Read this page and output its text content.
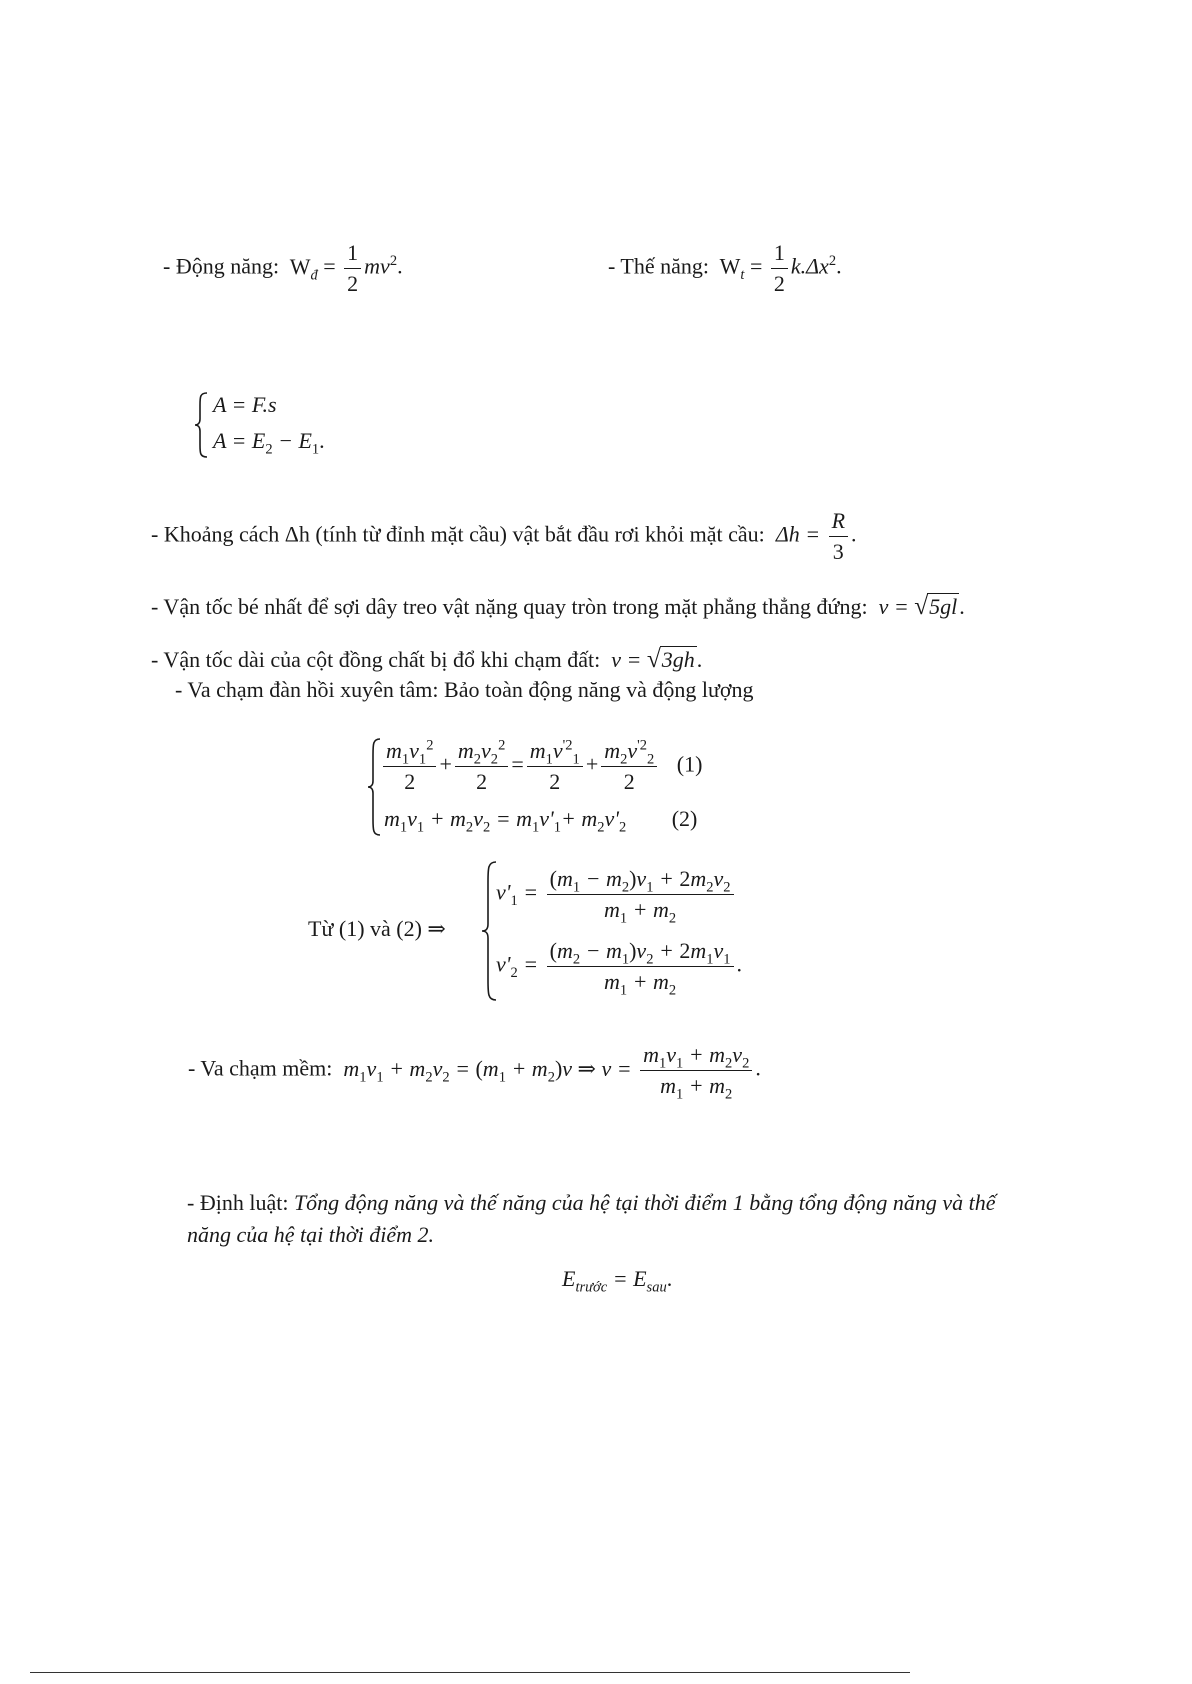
- Động năng: $W_đ = \frac{1}{2} mv^2$.	- Thế năng: $W_t = \frac{1}{2} k.\Delta x^2$.
A = F.s
$A = E_2 - E_1$.
- Khoảng cách Δh (tính từ đỉnh mặt cầu) vật bắt đầu rơi khỏi mặt cầu: $\Delta h = \frac{R}{3}$ .
- Vận tốc bé nhất để sợi dây treo vật nặng quay tròn trong mặt phẳng thẳng đứng: v = √5gl.
- Vận tốc dài của cột đồng chất bị đổ khi chạm đất: v = √3gh.
- Va chạm đàn hồi xuyên tâm: Bảo toàn động năng và động lượng
$\frac{m_1v_1^2}{2} + \frac{m_2v_2^2}{2} = \frac{m_1v^{'2}_1}{2} + \frac{m_2v^{'2}_2}{2} (1)$
$m_1v_1 + m_2v_2 = m_1v'_1+ m_2v'_2$ (2)
Từ (1) và (2) ⇒
$v'_1 = \frac{(m_1 - m_2)v_1 + 2m_2v_2}{m_1 + m_2}$
$v'_2 = \frac{(m_2 - m_1)v_2 + 2m_1v_1}{m_1 + m_2}$ .
- Va chạm mềm: $m_1v_1 + m_2v_2 = (m_1 + m_2)v$ ⇒ $v = \frac{m_1v_1 + m_2v_2}{m_1 + m_2}$ .
- Định luật: Tổng động năng và thế năng của hệ tại thời điểm 1 bằng tổng động năng và thế
năng của hệ tại thời điểm 2.
$E_{trước} = E_{sau}$.
